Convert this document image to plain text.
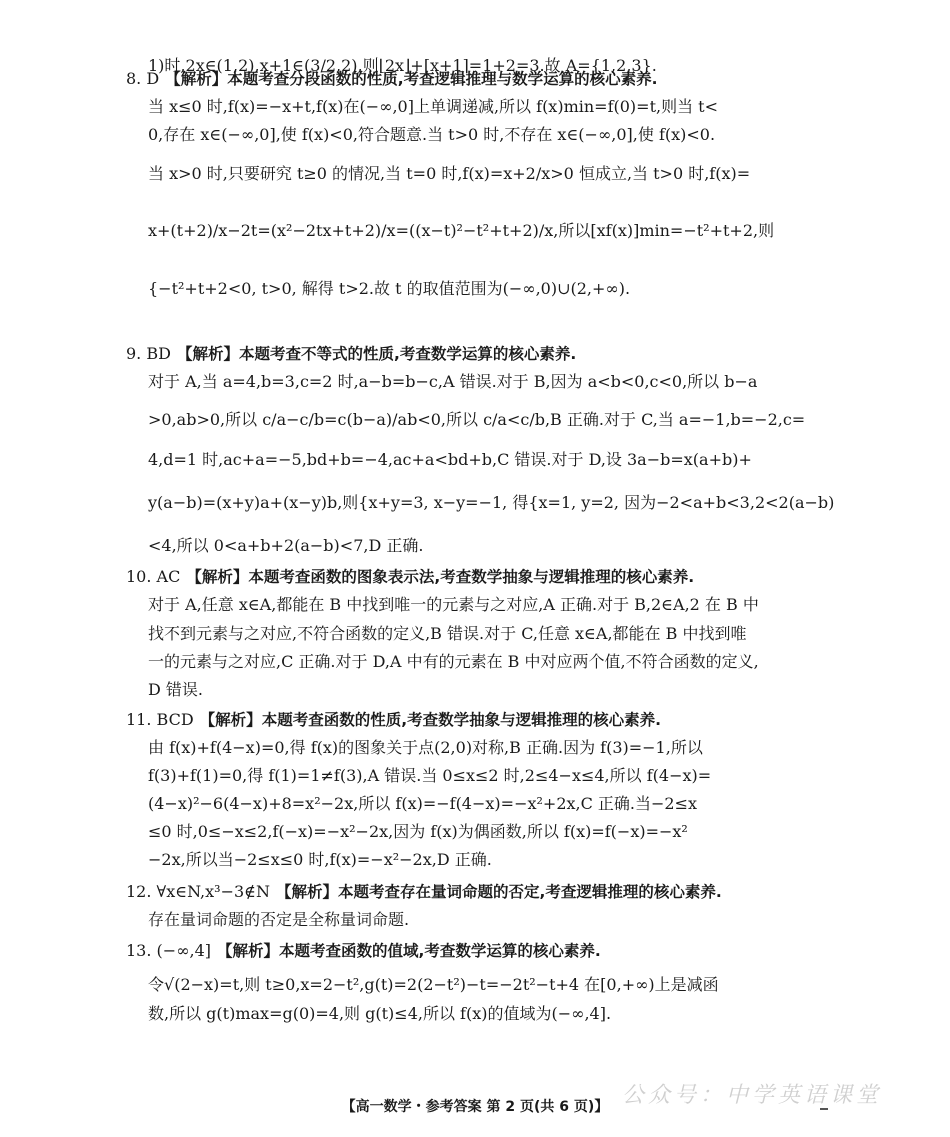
1)时,2x∈(1,2),x+1∈(3/2,2),则⌊2x⌋+⌈x+1⌉=1+2=3.故 A={1,2,3}.
当 x≤0 时,f(x)=−x+t,f(x)在(−∞,0]上单调递减,所以 f(x)min=f(0)=t,则当 t<
0,存在 x∈(−∞,0],使 f(x)<0,符合题意.当 t>0 时,不存在 x∈(−∞,0],使 f(x)<0.
当 x>0 时,只要研究 t≥0 的情况,当 t=0 时,f(x)=x+2/x>0 恒成立,当 t>0 时,f(x)=
x+(t+2)/x−2t=(x²−2tx+t+2)/x=((x−t)²−t²+t+2)/x,所以[xf(x)]min=−t²+t+2,则
{−t²+t+2<0, t>0, 解得 t>2.故 t 的取值范围为(−∞,0)∪(2,+∞).
对于 A,当 a=4,b=3,c=2 时,a−b=b−c,A 错误.对于 B,因为 a<b<0,c<0,所以 b−a
>0,ab>0,所以 c/a−c/b=c(b−a)/ab<0,所以 c/a<c/b,B 正确.对于 C,当 a=−1,b=−2,c=
4,d=1 时,ac+a=−5,bd+b=−4,ac+a<bd+b,C 错误.对于 D,设 3a−b=x(a+b)+
y(a−b)=(x+y)a+(x−y)b,则{x+y=3, x−y=−1, 得{x=1, y=2, 因为−2<a+b<3,2<2(a−b)
<4,所以 0<a+b+2(a−b)<7,D 正确.
对于 A,任意 x∈A,都能在 B 中找到唯一的元素与之对应,A 正确.对于 B,2∈A,2 在 B 中
找不到元素与之对应,不符合函数的定义,B 错误.对于 C,任意 x∈A,都能在 B 中找到唯
一的元素与之对应,C 正确.对于 D,A 中有的元素在 B 中对应两个值,不符合函数的定义,
D 错误.
由 f(x)+f(4−x)=0,得 f(x)的图象关于点(2,0)对称,B 正确.因为 f(3)=−1,所以
f(3)+f(1)=0,得 f(1)=1≠f(3),A 错误.当 0≤x≤2 时,2≤4−x≤4,所以 f(4−x)=
(4−x)²−6(4−x)+8=x²−2x,所以 f(x)=−f(4−x)=−x²+2x,C 正确.当−2≤x
≤0 时,0≤−x≤2,f(−x)=−x²−2x,因为 f(x)为偶函数,所以 f(x)=f(−x)=−x²
−2x,所以当−2≤x≤0 时,f(x)=−x²−2x,D 正确.
存在量词命题的否定是全称量词命题.
令√(2−x)=t,则 t≥0,x=2−t²,g(t)=2(2−t²)−t=−2t²−t+4 在[0,+∞)上是减函
数,所以 g(t)max=g(0)=4,则 g(t)≤4,所以 f(x)的值域为(−∞,4].
8. D 【解析】本题考查分段函数的性质,考查逻辑推理与数学运算的核心素养.
9. BD 【解析】本题考查不等式的性质,考查数学运算的核心素养.
10. AC 【解析】本题考查函数的图象表示法,考查数学抽象与逻辑推理的核心素养.
11. BCD 【解析】本题考查函数的性质,考查数学抽象与逻辑推理的核心素养.
12. ∀x∈N,x³−3∉N 【解析】本题考查存在量词命题的否定,考查逻辑推理的核心素养.
13. (−∞,4] 【解析】本题考查函数的值域,考查数学运算的核心素养.
【高一数学・参考答案 第 2 页(共 6 页)】 公众号：中学英语课堂
